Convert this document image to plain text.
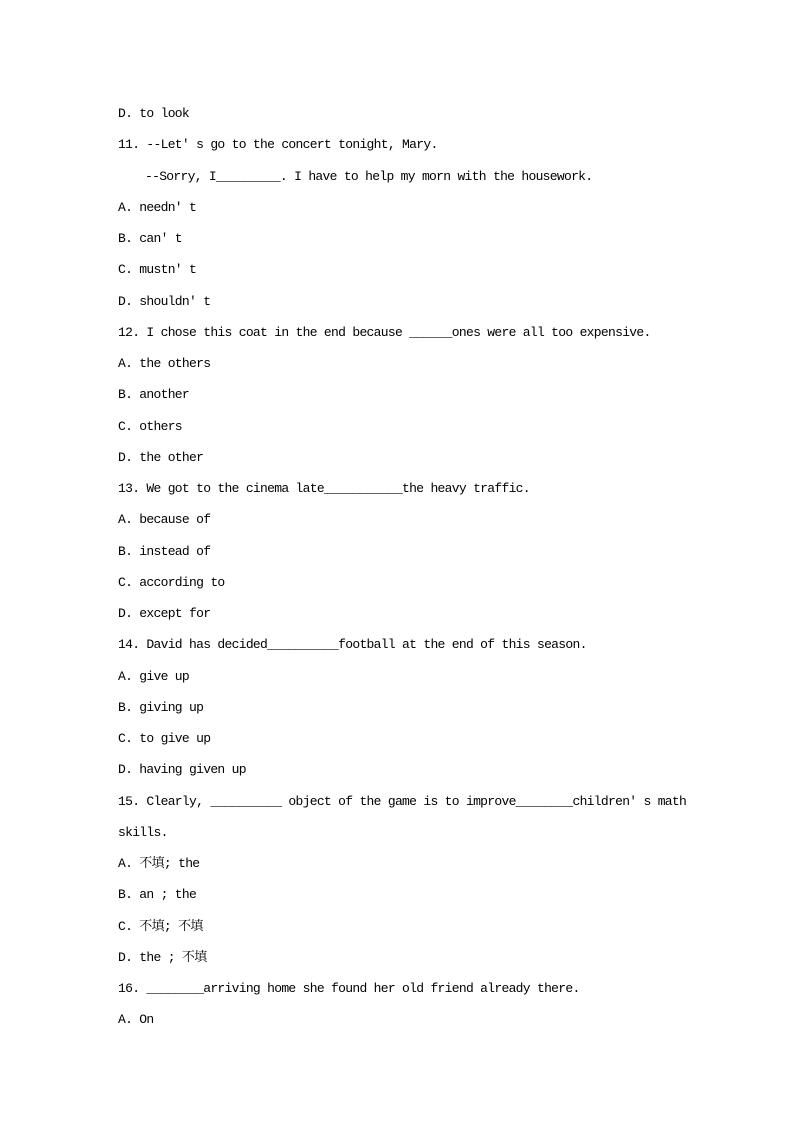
D. to look
11. --Let' s go to the concert tonight, Mary.
--Sorry, I_________. I have to help my morn with the housework.
A. needn' t
B. can' t
C. mustn' t
D. shouldn' t
12. I chose this coat in the end because ______ones were all too expensive.
A. the others
B. another
C. others
D. the other
13. We got to the cinema late___________the heavy traffic.
A. because of
B. instead of
C. according to
D. except for
14. David has decided__________football at the end of this season.
A. give up
B. giving up
C. to give up
D. having given up
15. Clearly, __________ object of the game is to improve________children' s math
skills.
A. 不填; the
B. an ; the
C. 不填; 不填
D. the ; 不填
16. ________arriving home she found her old friend already there.
A. On
